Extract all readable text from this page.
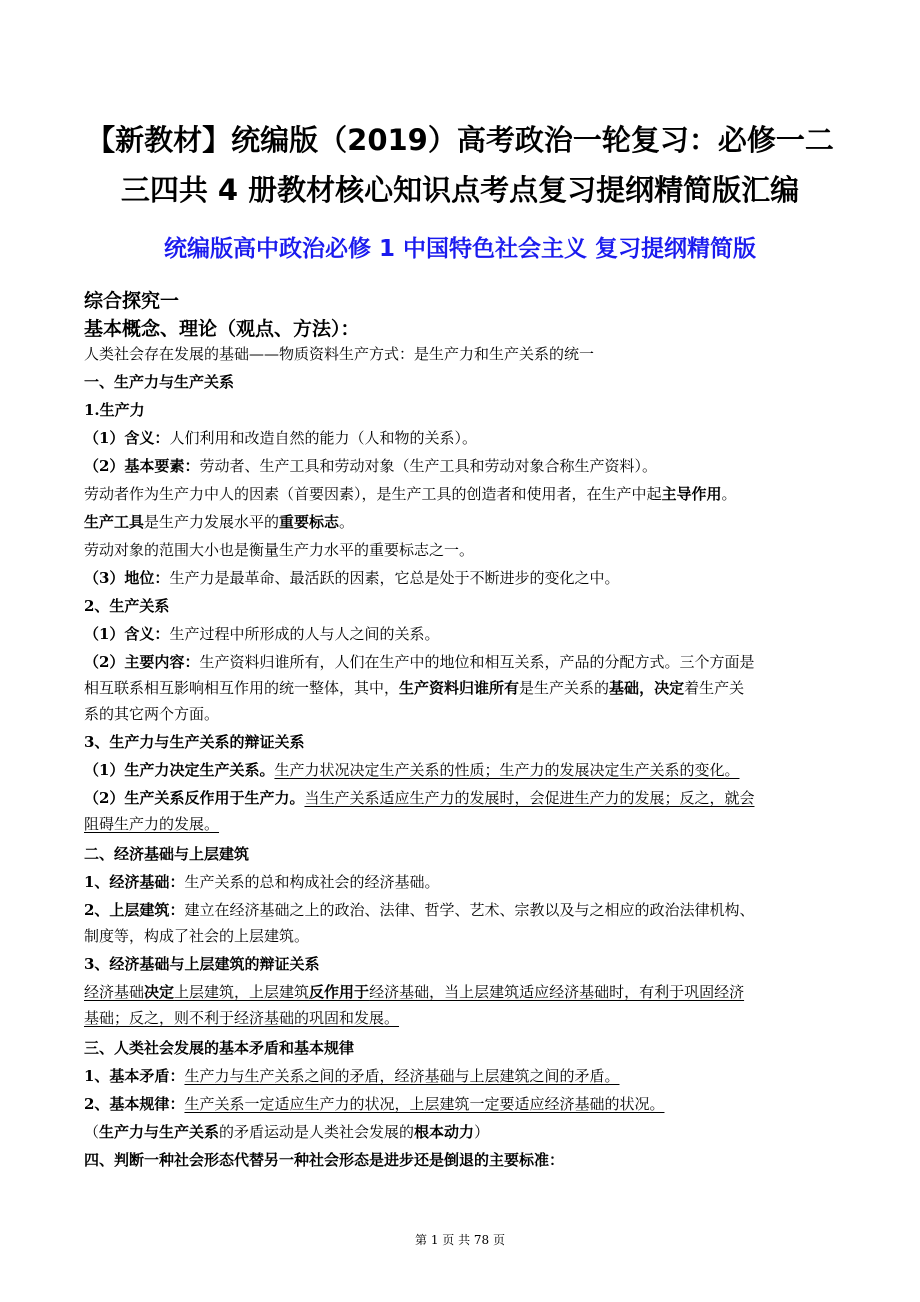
【新教材】统编版（2019）高考政治一轮复习：必修一二
三四共 4 册教材核心知识点考点复习提纲精简版汇编
统编版高中政治必修 1 中国特色社会主义 复习提纲精简版
综合探究一
基本概念、理论（观点、方法）：
人类社会存在发展的基础——物质资料生产方式：是生产力和生产关系的统一
一、生产力与生产关系
1.生产力
（1）含义：人们利用和改造自然的能力（人和物的关系）。
（2）基本要素：劳动者、生产工具和劳动对象（生产工具和劳动对象合称生产资料）。
劳动者作为生产力中人的因素（首要因素），是生产工具的创造者和使用者，在生产中起主导作用。
生产工具是生产力发展水平的重要标志。
劳动对象的范围大小也是衡量生产力水平的重要标志之一。
（3）地位：生产力是最革命、最活跃的因素，它总是处于不断进步的变化之中。
2、生产关系
（1）含义：生产过程中所形成的人与人之间的关系。
（2）主要内容：生产资料归谁所有，人们在生产中的地位和相互关系，产品的分配方式。三个方面是
相互联系相互影响相互作用的统一整体，其中，生产资料归谁所有是生产关系的基础，决定着生产关
系的其它两个方面。
3、生产力与生产关系的辩证关系
（1）生产力决定生产关系。生产力状况决定生产关系的性质；生产力的发展决定生产关系的变化。
（2）生产关系反作用于生产力。当生产关系适应生产力的发展时，会促进生产力的发展；反之，就会
阻碍生产力的发展。
二、经济基础与上层建筑
1、经济基础：生产关系的总和构成社会的经济基础。
2、上层建筑：建立在经济基础之上的政治、法律、哲学、艺术、宗教以及与之相应的政治法律机构、
制度等，构成了社会的上层建筑。
3、经济基础与上层建筑的辩证关系
经济基础决定上层建筑，上层建筑反作用于经济基础，当上层建筑适应经济基础时，有利于巩固经济
基础；反之，则不利于经济基础的巩固和发展。
三、人类社会发展的基本矛盾和基本规律
1、基本矛盾：生产力与生产关系之间的矛盾，经济基础与上层建筑之间的矛盾。
2、基本规律：生产关系一定适应生产力的状况，上层建筑一定要适应经济基础的状况。
（生产力与生产关系的矛盾运动是人类社会发展的根本动力）
四、判断一种社会形态代替另一种社会形态是进步还是倒退的主要标准：
第 1 页 共 78 页
